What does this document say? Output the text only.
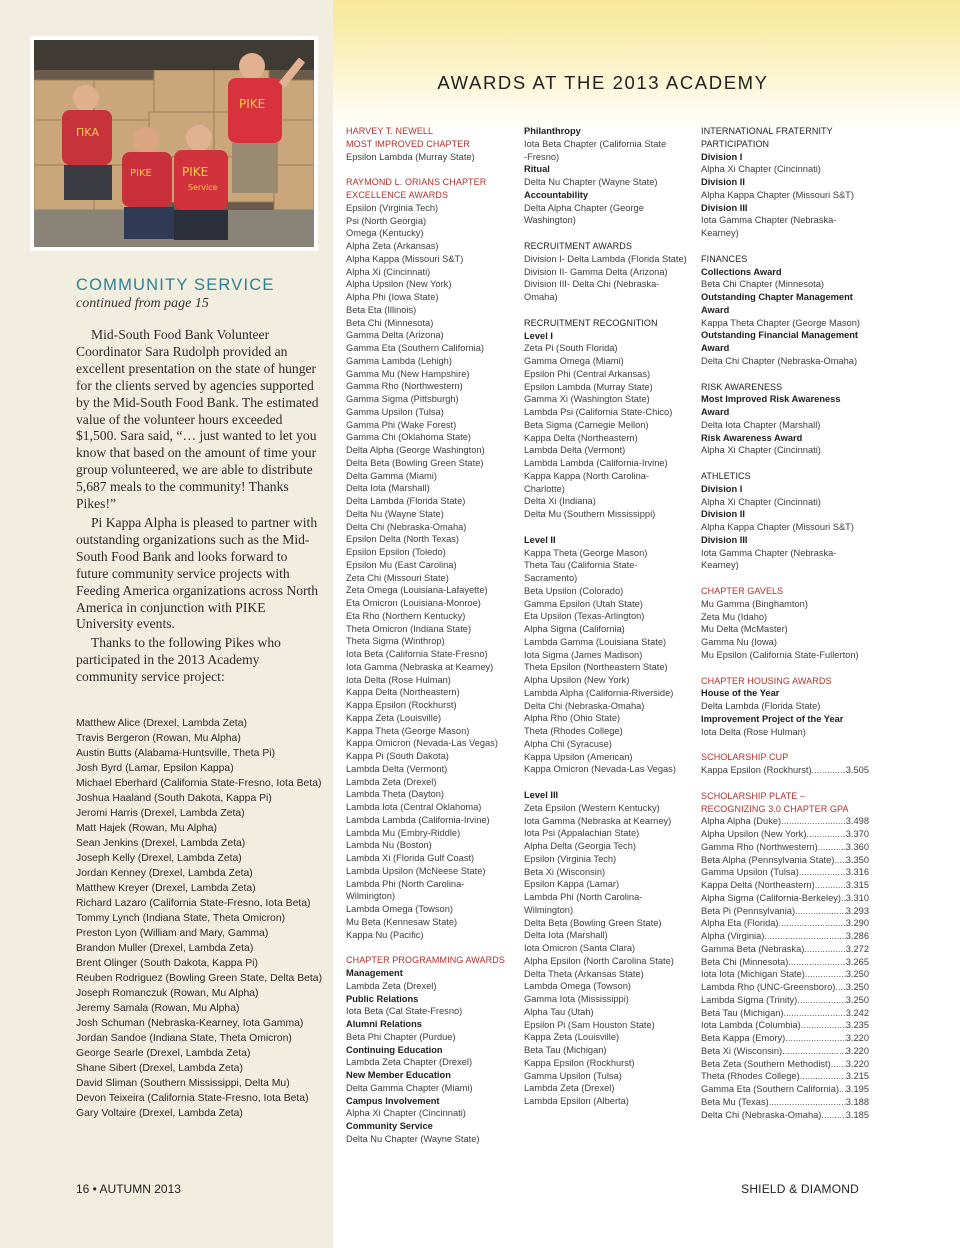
ΠΚΑ
PIKE	PIKE
Service
PIKE
COMMUNITY SERVICE

continued from page 15

Mid-South Food Bank Volunteer Coordinator Sara Rudolph provided an excellent presentation on the state of hunger for the clients served by agencies supported by the Mid-South Food Bank. The estimated value of the volunteer hours exceeded $1,500. Sara said, “… just wanted to let you know that based on the amount of time your group volunteered, we are able to distribute 5,687 meals to the community! Thanks Pikes!”

Pi Kappa Alpha is pleased to partner with outstanding organizations such as the Mid-South Food Bank and looks forward to future community service projects with Feeding America organizations across North America in conjunction with PIKE University events.

Thanks to the following Pikes who participated in the 2013 Academy community service project:

Matthew Alice (Drexel, Lambda Zeta)
Travis Bergeron (Rowan, Mu Alpha)
Austin Butts (Alabama-Huntsville, Theta Pi)
Josh Byrd (Lamar, Epsilon Kappa)
Michael Eberhard (California State-Fresno, Iota Beta)
Joshua Haaland (South Dakota, Kappa Pi)
Jeromi Harris (Drexel, Lambda Zeta)
Matt Hajek (Rowan, Mu Alpha)
Sean Jenkins (Drexel, Lambda Zeta)
Joseph Kelly (Drexel, Lambda Zeta)
Jordan Kenney (Drexel, Lambda Zeta)
Matthew Kreyer (Drexel, Lambda Zeta)
Richard Lazaro (California State-Fresno, Iota Beta)
Tommy Lynch (Indiana State, Theta Omicron)
Preston Lyon (William and Mary, Gamma)
Brandon Muller (Drexel, Lambda Zeta)
Brent Olinger (South Dakota, Kappa Pi)
Reuben Rodriguez (Bowling Green State, Delta Beta)
Joseph Romanczuk (Rowan, Mu Alpha)
Jeremy Samala (Rowan, Mu Alpha)
Josh Schuman (Nebraska-Kearney, Iota Gamma)
Jordan Sandoe (Indiana State, Theta Omicron)
George Searle (Drexel, Lambda Zeta)
Shane Sibert (Drexel, Lambda Zeta)
David Sliman (Southern Mississippi, Delta Mu)
Devon Teixeira (California State-Fresno, Iota Beta)
Gary Voltaire (Drexel, Lambda Zeta)
AWARDS AT THE 2013 ACADEMY
HARVEY T. NEWELL
MOST IMPROVED CHAPTER
Epsilon Lambda (Murray State)
RAYMOND L. ORIANS CHAPTER
EXCELLENCE AWARDS
Epsilon (Virginia Tech)
Psi (North Georgia)
Omega (Kentucky)
Alpha Zeta (Arkansas)
Alpha Kappa (Missouri S&T)
Alpha Xi (Cincinnati)
Alpha Upsilon (New York)
Alpha Phi (Iowa State)
Beta Eta (Illinois)
Beta Chi (Minnesota)
Gamma Delta (Arizona)
Gamma Eta (Southern California)
Gamma Lambda (Lehigh)
Gamma Mu (New Hampshire)
Gamma Rho (Northwestern)
Gamma Sigma (Pittsburgh)
Gamma Upsilon (Tulsa)
Gamma Phi (Wake Forest)
Gamma Chi (Oklahoma State)
Delta Alpha (George Washington)
Delta Beta (Bowling Green State)
Delta Gamma (Miami)
Delta Iota (Marshall)
Delta Lambda (Florida State)
Delta Nu (Wayne State)
Delta Chi (Nebraska-Omaha)
Epsilon Delta (North Texas)
Epsilon Epsilon (Toledo)
Epsilon Mu (East Carolina)
Zeta Chi (Missouri State)
Zeta Omega (Louisiana-Lafayette)
Eta Omicron (Louisiana-Monroe)
Eta Rho (Northern Kentucky)
Theta Omicron (Indiana State)
Theta Sigma (Winthrop)
Iota Beta (California State-Fresno)
Iota Gamma (Nebraska at Kearney)
Iota Delta (Rose Hulman)
Kappa Delta (Northeastern)
Kappa Epsilon (Rockhurst)
Kappa Zeta (Louisville)
Kappa Theta (George Mason)
Kappa Omicron (Nevada-Las Vegas)
Kappa Pi (South Dakota)
Lambda Delta (Vermont)
Lambda Zeta (Drexel)
Lambda Theta (Dayton)
Lambda Iota (Central Oklahoma)
Lambda Lambda (California-Irvine)
Lambda Mu (Embry-Riddle)
Lambda Nu (Boston)
Lambda Xi (Florida Gulf Coast)
Lambda Upsilon (McNeese State)
Lambda Phi (North Carolina-
Wilmington)
Lambda Omega (Towson)
Mu Beta (Kennesaw State)
Kappa Nu (Pacific)
CHAPTER PROGRAMMING AWARDS
Management
Lambda Zeta (Drexel)
Public Relations
Iota Beta (Cal State-Fresno)
Alumni Relations
Beta Phi Chapter (Purdue)
Continuing Education
Lambda Zeta Chapter (Drexel)
New Member Education
Delta Gamma Chapter (Miami)
Campus Involvement
Alpha Xi Chapter (Cincinnati)
Community Service
Delta Nu Chapter (Wayne State)
Philanthropy
Iota Beta Chapter (California State
-Fresno)
Ritual
Delta Nu Chapter (Wayne State)
Accountability
Delta Alpha Chapter (George
Washington)
RECRUITMENT AWARDS
Division I- Delta Lambda (Florida State)
Division II- Gamma Delta (Arizona)
Division III- Delta Chi (Nebraska-
Omaha)
RECRUITMENT RECOGNITION
Level I
Zeta Pi (South Florida)
Gamma Omega (Miami)
Epsilon Phi (Central Arkansas)
Epsilon Lambda (Murray State)
Gamma Xi (Washington State)
Lambda Psi (California State-Chico)
Beta Sigma (Carnegie Mellon)
Kappa Delta (Northeastern)
Lambda Delta (Vermont)
Lambda Lambda (California-Irvine)
Kappa Kappa (North Carolina-
Charlotte)
Delta Xi (Indiana)
Delta Mu (Southern Mississippi)
Level II
Kappa Theta (George Mason)
Theta Tau (California State-
Sacramento)
Beta Upsilon (Colorado)
Gamma Epsilon (Utah State)
Eta Upsilon (Texas-Arlington)
Alpha Sigma (California)
Lambda Gamma (Louisiana State)
Iota Sigma (James Madison)
Theta Epsilon (Northeastern State)
Alpha Upsilon (New York)
Lambda Alpha (California-Riverside)
Delta Chi (Nebraska-Omaha)
Alpha Rho (Ohio State)
Theta (Rhodes College)
Alpha Chi (Syracuse)
Kappa Upsilon (American)
Kappa Omicron (Nevada-Las Vegas)
Level III
Zeta Epsilon (Western Kentucky)
Iota Gamma (Nebraska at Kearney)
Iota Psi (Appalachian State)
Alpha Delta (Georgia Tech)
Epsilon (Virginia Tech)
Beta Xi (Wisconsin)
Epsilon Kappa (Lamar)
Lambda Phi (North Carolina-
Wilmington)
Delta Beta (Bowling Green State)
Delta Iota (Marshall)
Iota Omicron (Santa Clara)
Alpha Epsilon (North Carolina State)
Delta Theta (Arkansas State)
Lambda Omega (Towson)
Gamma Iota (Mississippi)
Alpha Tau (Utah)
Epsilon Pi (Sam Houston State)
Kappa Zeta (Louisville)
Beta Tau (Michigan)
Kappa Epsilon (Rockhurst)
Gamma Upsilon (Tulsa)
Lambda Zeta (Drexel)
Lambda Epsilon (Alberta)
INTERNATIONAL FRATERNITY
PARTICIPATION
Division I
Alpha Xi Chapter (Cincinnati)
Division II
Alpha Kappa Chapter (Missouri S&T)
Division III
Iota Gamma Chapter (Nebraska-
Kearney)
FINANCES
Collections Award
Beta Chi Chapter (Minnesota)
Outstanding Chapter Management
Award
Kappa Theta Chapter (George Mason)
Outstanding Financial Management
Award
Delta Chi Chapter (Nebraska-Omaha)
RISK AWARENESS
Most Improved Risk Awareness
Award
Delta Iota Chapter (Marshall)
Risk Awareness Award
Alpha Xi Chapter (Cincinnati)
ATHLETICS
Division I
Alpha Xi Chapter (Cincinnati)
Division II
Alpha Kappa Chapter (Missouri S&T)
Division III
Iota Gamma Chapter (Nebraska-
Kearney)
CHAPTER GAVELS
Mu Gamma (Binghamton)
Zeta Mu (Idaho)
Mu Delta (McMaster)
Gamma Nu (Iowa)
Mu Epsilon (California State-Fullerton)
CHAPTER HOUSING AWARDS
House of the Year
Delta Lambda (Florida State)
Improvement Project of the Year
Iota Delta (Rose Hulman)
SCHOLARSHIP CUP
Kappa Epsilon (Rockhurst) .....	3.505
SCHOLARSHIP PLATE –
RECOGNIZING 3.0 CHAPTER GPA
Alpha Alpha (Duke) .....	3.498
Alpha Upsilon (New York) .....	3.370
Gamma Rho (Northwestern) .....	3.360
Beta Alpha (Pennsylvania State) ..... 3.350
Gamma Upsilon (Tulsa) .....	3.316
Kappa Delta (Northeastern) .....	3.315
Alpha Sigma (California-Berkeley) ..... 3.310
Beta Pi (Pennsylvania) .....	3.293
Alpha Eta (Florida) .....	3.290
Alpha (Virginia) .....	3.286
Gamma Beta (Nebraska) .....	3.272
Beta Chi (Minnesota) .....	3.265
Iota Iota (Michigan State) .....	3.250
Lambda Rho (UNC-Greensboro) ..... 3.250
Lambda Sigma (Trinity) .....	3.250
Beta Tau (Michigan) .....	3.242
Iota Lambda (Columbia) .....	3.235
Beta Kappa (Emory) .....	3.220
Beta Xi (Wisconsin) .....	3.220
Beta Zeta (Southern Methodist) ..... 3.220
Theta (Rhodes College) .....	3.215
Gamma Eta (Southern California) ..... 3.195
Beta Mu (Texas) .....	3.188
Delta Chi (Nebraska-Omaha) .....	3.185

16 • AUTUMN 2013	SHIELD & DIAMOND
